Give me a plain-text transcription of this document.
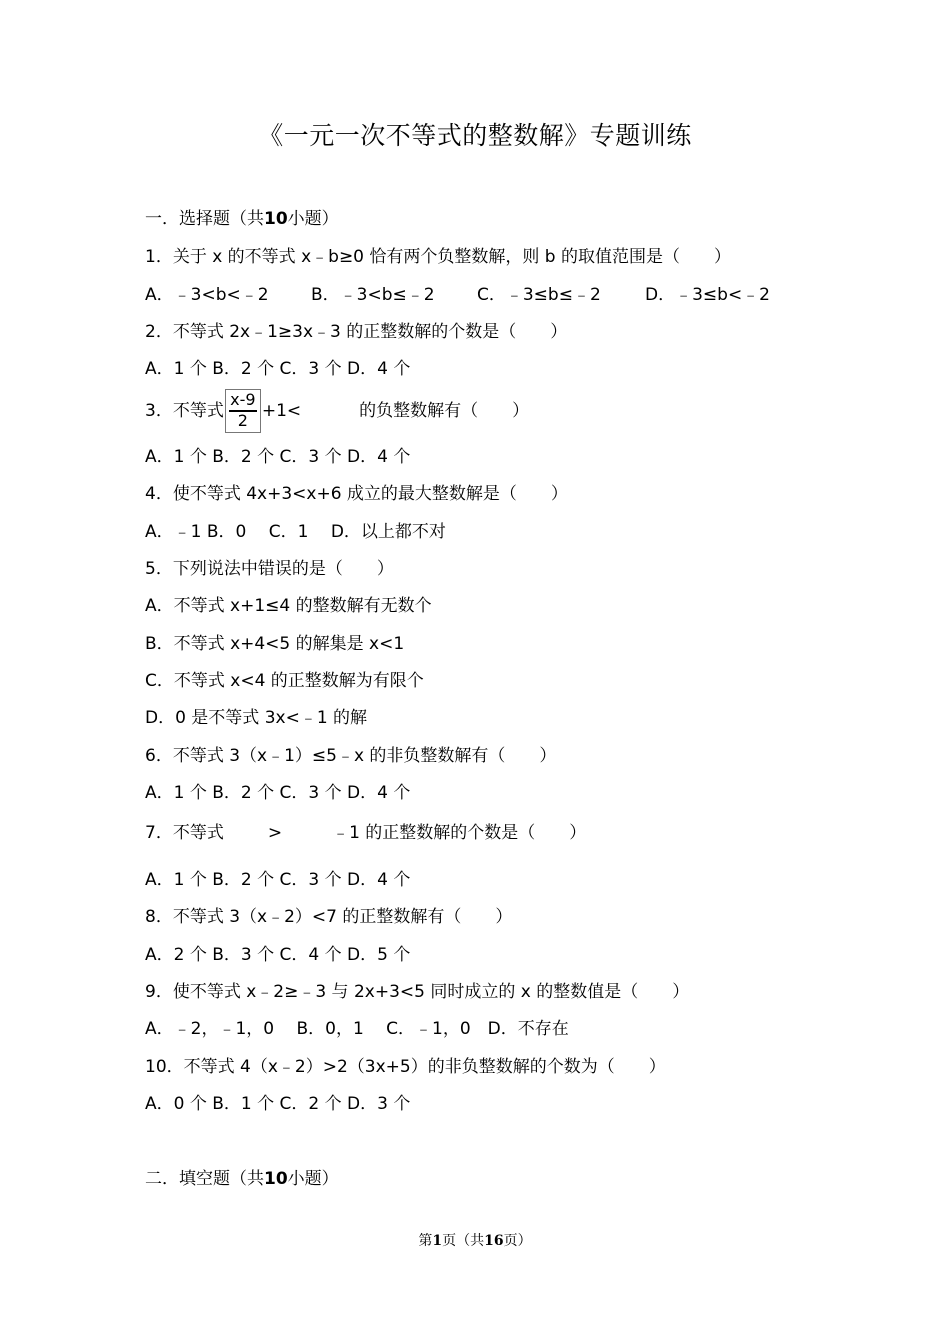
《一元一次不等式的整数解》专题训练
一．选择题（共10小题）
1．关于 x 的不等式 x﹣b≥0 恰有两个负整数解，则 b 的取值范围是（　　）
A．﹣3<b<﹣2 B．﹣3<b≤﹣2 C．﹣3≤b≤﹣2	D．﹣3≤b<﹣2
2．不等式 2x﹣1≥3x﹣3 的正整数解的个数是（　　）
A．1 个 B．2 个 C．3 个 D．4 个
3．不等式 $\frac{x-9}{2} +1<$	的负整数解有（　　）
A．1 个 B．2 个 C．3 个 D．4 个
4．使不等式 4x+3<x+6 成立的最大整数解是（　　）
A．﹣1 B．0　 C．1　 D．以上都不对
5．下列说法中错误的是（　　）
A．不等式 x+1≤4 的整数解有无数个
B．不等式 x+4<5 的解集是 x<1
C．不等式 x<4 的正整数解为有限个
D．0 是不等式 3x<﹣1 的解
6．不等式 3（x﹣1）≤5﹣x 的非负整数解有（　　）
A．1 个 B．2 个 C．3 个 D．4 个
7．不等式	>	﹣1 的正整数解的个数是（　　）
A．1 个 B．2 个 C．3 个 D．4 个
8．不等式 3（x﹣2）<7 的正整数解有（　　）
A．2 个 B．3 个 C．4 个 D．5 个
9．使不等式 x﹣2≥﹣3 与 2x+3<5 同时成立的 x 的整数值是（　　）
A．﹣2，﹣1，0　 B．0，1　 C．﹣1，0　D．不存在
10．不等式 4（x﹣2）>2（3x+5）的非负整数解的个数为（　　）
A．0 个 B．1 个 C．2 个 D．3 个
二．填空题（共10小题）
第1页（共16页）
